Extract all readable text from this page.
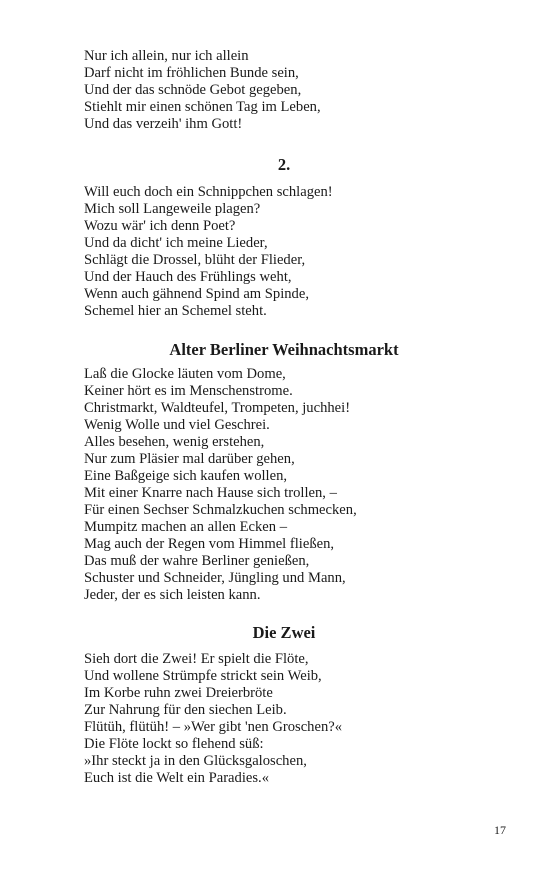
Nur ich allein, nur ich allein
Darf nicht im fröhlichen Bunde sein,
Und der das schnöde Gebot gegeben,
Stiehlt mir einen schönen Tag im Leben,
Und das verzeih' ihm Gott!
2.
Will euch doch ein Schnippchen schlagen!
Mich soll Langeweile plagen?
Wozu wär' ich denn Poet?
Und da dicht' ich meine Lieder,
Schlägt die Drossel, blüht der Flieder,
Und der Hauch des Frühlings weht,
Wenn auch gähnend Spind am Spinde,
Schemel hier an Schemel steht.
Alter Berliner Weihnachtsmarkt
Laß die Glocke läuten vom Dome,
Keiner hört es im Menschenstrome.
Christmarkt, Waldteufel, Trompeten, juchhei!
Wenig Wolle und viel Geschrei.
Alles besehen, wenig erstehen,
Nur zum Pläsier mal darüber gehen,
Eine Baßgeige sich kaufen wollen,
Mit einer Knarre nach Hause sich trollen, –
Für einen Sechser Schmalzkuchen schmecken,
Mumpitz machen an allen Ecken –
Mag auch der Regen vom Himmel fließen,
Das muß der wahre Berliner genießen,
Schuster und Schneider, Jüngling und Mann,
Jeder, der es sich leisten kann.
Die Zwei
Sieh dort die Zwei! Er spielt die Flöte,
Und wollene Strümpfe strickt sein Weib,
Im Korbe ruhn zwei Dreierbröte
Zur Nahrung für den siechen Leib.
Flütüh, flütüh! – »Wer gibt 'nen Groschen?«
Die Flöte lockt so flehend süß:
»Ihr steckt ja in den Glücksgaloschen,
Euch ist die Welt ein Paradies.«
17
